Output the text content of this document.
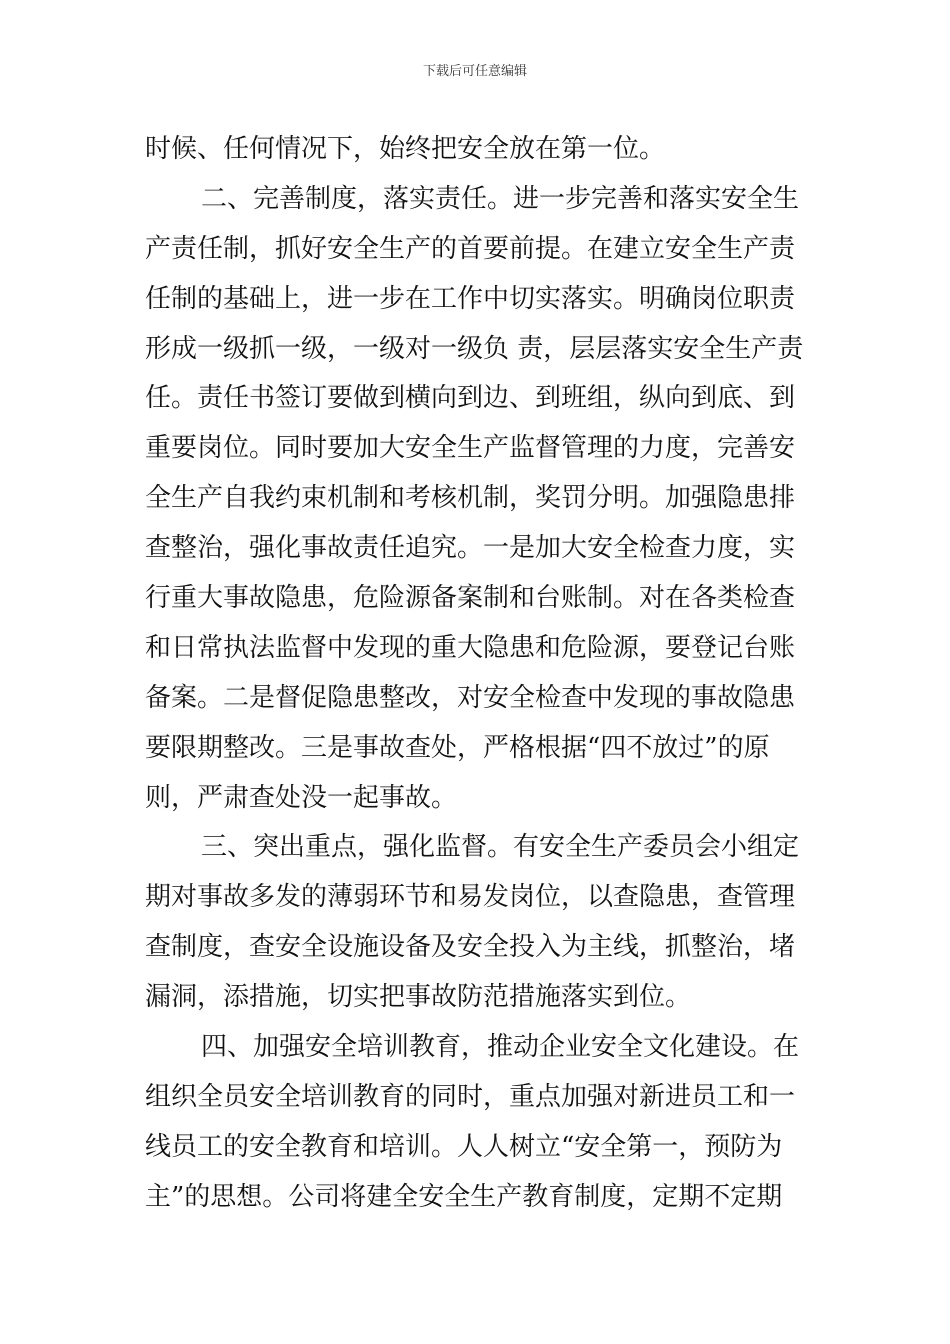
下载后可任意编辑
时候、任何情况下，始终把安全放在第一位。
二、完善制度，落实责任。进一步完善和落实安全生
产责任制，抓好安全生产的首要前提。在建立安全生产责
任制的基础上，进一步在工作中切实落实。明确岗位职责
形成一级抓一级，一级对一级负 责，层层落实安全生产责
任。责任书签订要做到横向到边、到班组，纵向到底、到
重要岗位。同时要加大安全生产监督管理的力度，完善安
全生产自我约束机制和考核机制，奖罚分明。加强隐患排
查整治，强化事故责任追究。一是加大安全检查力度，实
行重大事故隐患，危险源备案制和台账制。对在各类检查
和日常执法监督中发现的重大隐患和危险源，要登记台账
备案。二是督促隐患整改，对安全检查中发现的事故隐患
要限期整改。三是事故查处，严格根据“四不放过”的原
则，严肃查处没一起事故。
三、突出重点，强化监督。有安全生产委员会小组定
期对事故多发的薄弱环节和易发岗位，以查隐患，查管理
查制度，查安全设施设备及安全投入为主线，抓整治，堵
漏洞，添措施，切实把事故防范措施落实到位。
四、加强安全培训教育，推动企业安全文化建设。在
组织全员安全培训教育的同时，重点加强对新进员工和一
线员工的安全教育和培训。人人树立“安全第一，预防为
主”的思想。公司将建全安全生产教育制度，定期不定期
